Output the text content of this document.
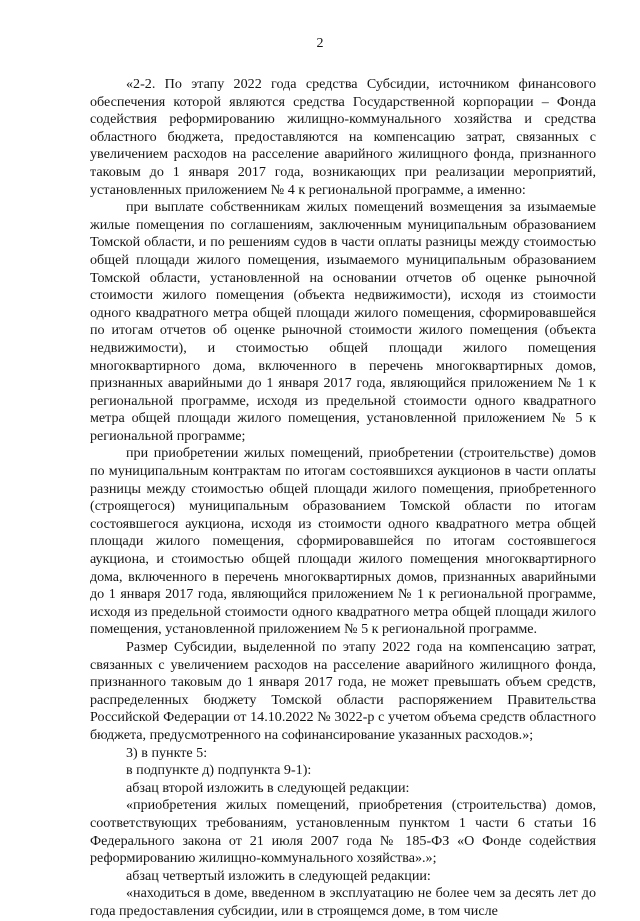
2

«2-2. По этапу 2022 года средства Субсидии, источником финансового обеспечения которой являются средства Государственной корпорации – Фонда содействия реформированию жилищно-коммунального хозяйства и средства областного бюджета, предоставляются на компенсацию затрат, связанных с увеличением расходов на расселение аварийного жилищного фонда, признанного таковым до 1 января 2017 года, возникающих при реализации мероприятий, установленных приложением № 4 к региональной программе, а именно:

при выплате собственникам жилых помещений возмещения за изымаемые жилые помещения по соглашениям, заключенным муниципальным образованием Томской области, и по решениям судов в части оплаты разницы между стоимостью общей площади жилого помещения, изымаемого муниципальным образованием Томской области, установленной на основании отчетов об оценке рыночной стоимости жилого помещения (объекта недвижимости), исходя из стоимости одного квадратного метра общей площади жилого помещения, сформировавшейся по итогам отчетов об оценке рыночной стоимости жилого помещения (объекта недвижимости), и стоимостью общей площади жилого помещения многоквартирного дома, включенного в перечень многоквартирных домов, признанных аварийными до 1 января 2017 года, являющийся приложением № 1 к региональной программе, исходя из предельной стоимости одного квадратного метра общей площади жилого помещения, установленной приложением № 5 к региональной программе;

при приобретении жилых помещений, приобретении (строительстве) домов по муниципальным контрактам по итогам состоявшихся аукционов в части оплаты разницы между стоимостью общей площади жилого помещения, приобретенного (строящегося) муниципальным образованием Томской области по итогам состоявшегося аукциона, исходя из стоимости одного квадратного метра общей площади жилого помещения, сформировавшейся по итогам состоявшегося аукциона, и стоимостью общей площади жилого помещения многоквартирного дома, включенного в перечень многоквартирных домов, признанных аварийными до 1 января 2017 года, являющийся приложением № 1 к региональной программе, исходя из предельной стоимости одного квадратного метра общей площади жилого помещения, установленной приложением № 5 к региональной программе.

Размер Субсидии, выделенной по этапу 2022 года на компенсацию затрат, связанных с увеличением расходов на расселение аварийного жилищного фонда, признанного таковым до 1 января 2017 года, не может превышать объем средств, распределенных бюджету Томской области распоряжением Правительства Российской Федерации от 14.10.2022 № 3022-р с учетом объема средств областного бюджета, предусмотренного на софинансирование указанных расходов.»;

3) в пункте 5:

в подпункте д) подпункта 9-1):

абзац второй изложить в следующей редакции:

«приобретения жилых помещений, приобретения (строительства) домов, соответствующих требованиям, установленным пунктом 1 части 6 статьи 16 Федерального закона от 21 июля 2007 года № 185-ФЗ «О Фонде содействия реформированию жилищно-коммунального хозяйства».»;

абзац четвертый изложить в следующей редакции:

«находиться в доме, введенном в эксплуатацию не более чем за десять лет до года предоставления субсидии, или в строящемся доме, в том числе
